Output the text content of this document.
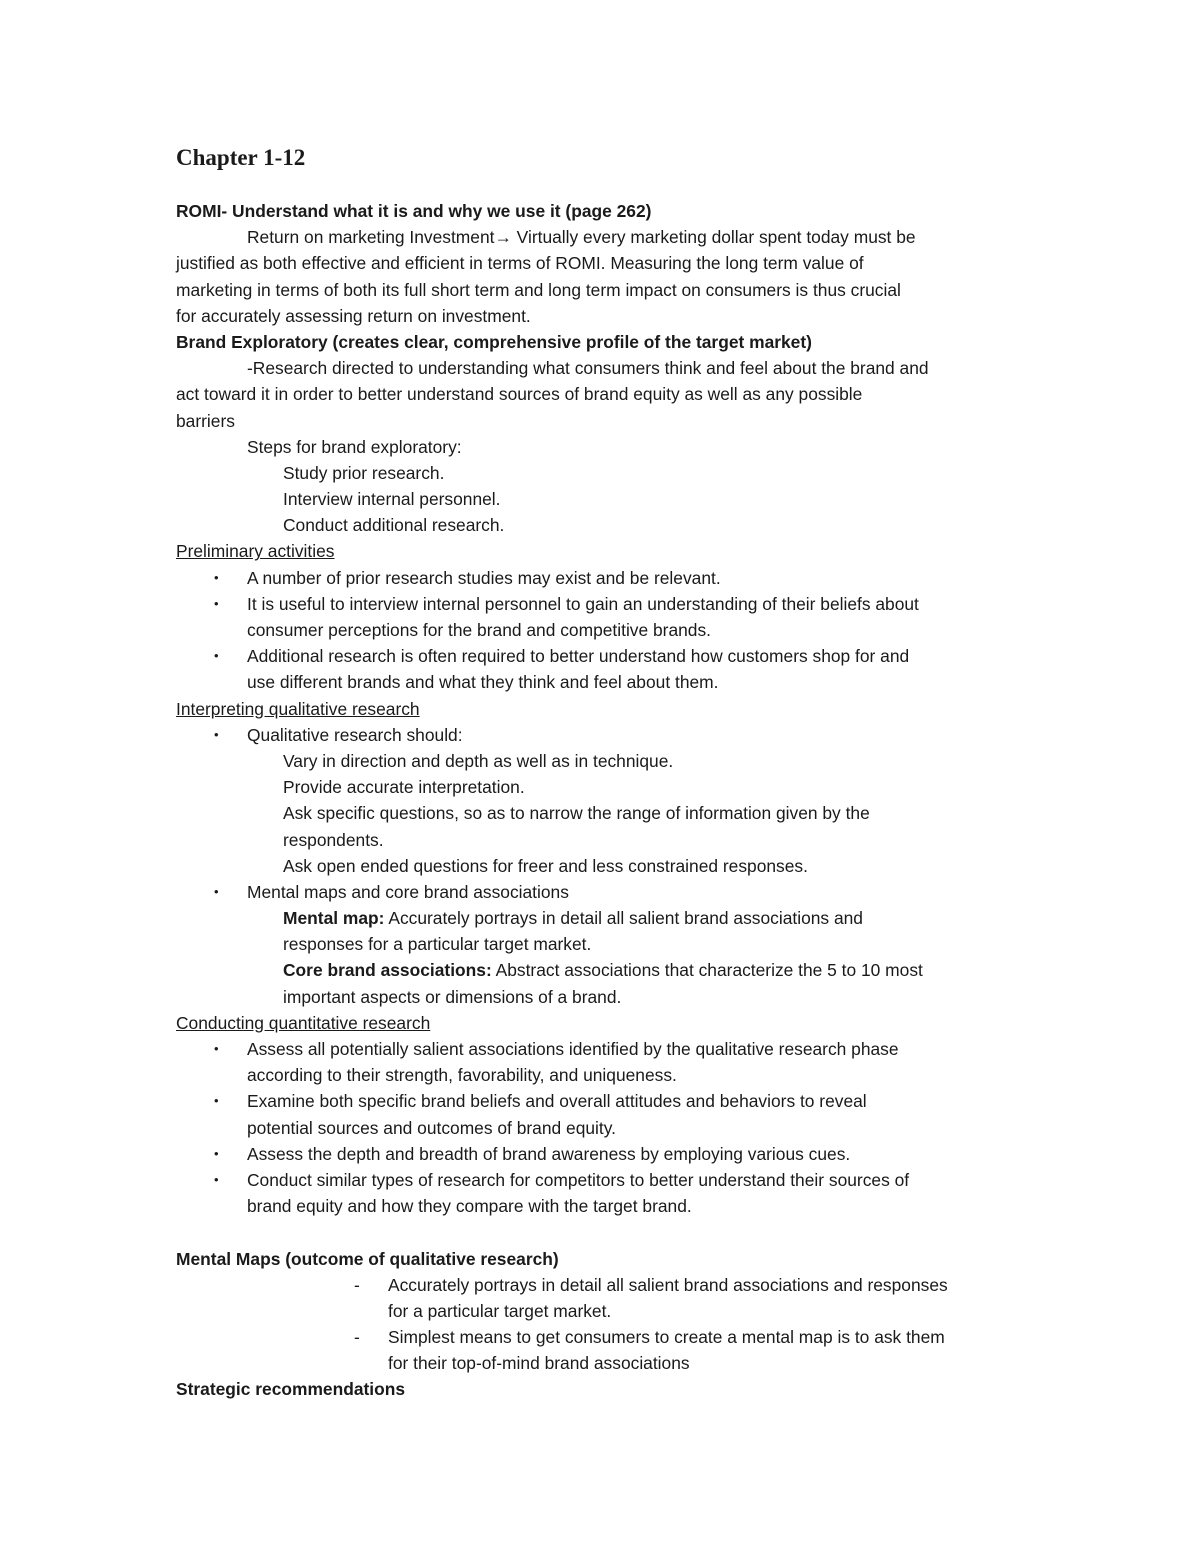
Chapter 1-12
ROMI- Understand what it is and why we use it (page 262)
Return on marketing Investment→ Virtually every marketing dollar spent today must be
justified as both effective and efficient in terms of ROMI. Measuring the long term value of
marketing in terms of both its full short term and long term impact on consumers is thus crucial
for accurately assessing return on investment.
Brand Exploratory (creates clear, comprehensive profile of the target market)
-Research directed to understanding what consumers think and feel about the brand and
act toward it in order to better understand sources of brand equity as well as any possible
barriers
Steps for brand exploratory:
Study prior research.
Interview internal personnel.
Conduct additional research.
Preliminary activities
• A number of prior research studies may exist and be relevant.
• It is useful to interview internal personnel to gain an understanding of their beliefs about
consumer perceptions for the brand and competitive brands.
• Additional research is often required to better understand how customers shop for and
use different brands and what they think and feel about them.
Interpreting qualitative research
• Qualitative research should:
Vary in direction and depth as well as in technique.
Provide accurate interpretation.
Ask specific questions, so as to narrow the range of information given by the
respondents.
Ask open ended questions for freer and less constrained responses.
• Mental maps and core brand associations
Mental map: Accurately portrays in detail all salient brand associations and
responses for a particular target market.
Core brand associations: Abstract associations that characterize the 5 to 10 most
important aspects or dimensions of a brand.
Conducting quantitative research
• Assess all potentially salient associations identified by the qualitative research phase
according to their strength, favorability, and uniqueness.
• Examine both specific brand beliefs and overall attitudes and behaviors to reveal
potential sources and outcomes of brand equity.
• Assess the depth and breadth of brand awareness by employing various cues.
• Conduct similar types of research for competitors to better understand their sources of
brand equity and how they compare with the target brand.
Mental Maps (outcome of qualitative research)
- Accurately portrays in detail all salient brand associations and responses
for a particular target market.
- Simplest means to get consumers to create a mental map is to ask them
for their top-of-mind brand associations
Strategic recommendations
